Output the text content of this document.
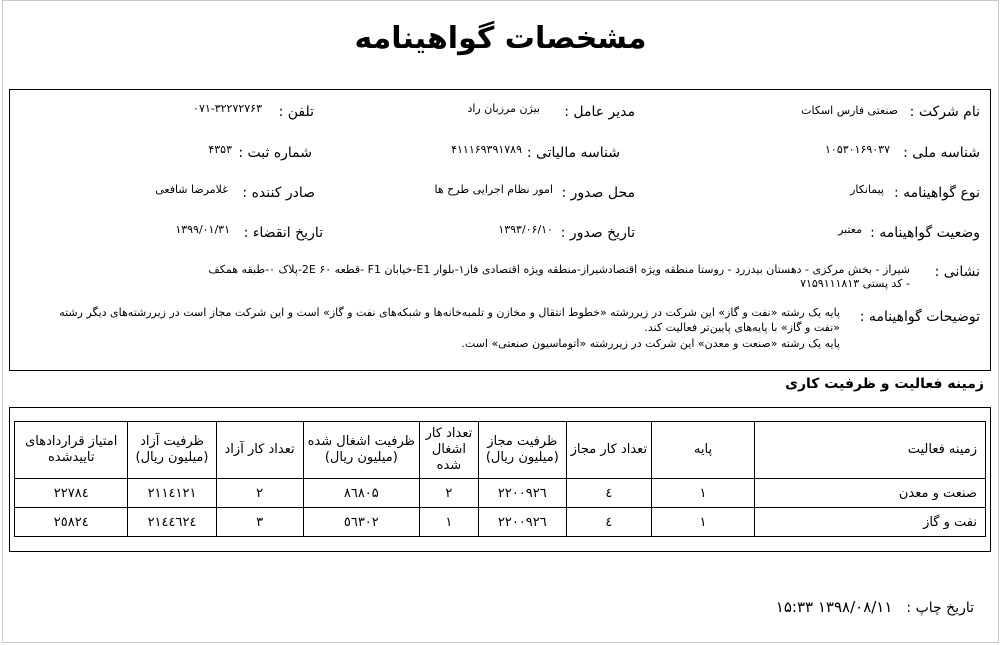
مشخصات گواهینامه
نام شرکت :
صنعتی فارس اسکات
مدیر عامل :
بیژن مرزبان راد
تلفن :
۰۷۱-۳۲۲۷۲۷۶۳
شناسه ملی :
۱۰۵۳۰۱۶۹۰۳۷
شناسه مالیاتی :
۴۱۱۱۶۹۳۹۱۷۸۹
شماره ثبت :
۴۳۵۳
نوع گواهینامه :
پیمانکار
محل صدور :
امور نظام اجرایی طرح ها
صادر کننده :
غلامرضا شافعی
وضعیت گواهینامه :
معتبر
تاریخ صدور :
۱۳۹۳/۰۶/۱۰
تاریخ انقضاء :
۱۳۹۹/۰۱/۳۱
نشانی :
شیراز - بخش مرکزی - دهستان بیدزرد - روستا منطقه ویژه اقتصادشیراز-منطقه ویژه اقتصادی فاز۱-بلوار E1-خیابان F1 -قطعه ۶۰ 2E-پلاک ۰-طبقه همکف
- کد پستی ۷۱۵۹۱۱۱۸۱۳
توضیحات گواهینامه :
پایه یک رشته «نفت و گاز» این شرکت در زیررشته «خطوط انتقال و مخازن و تلمبه‌خانه‌ها و شبکه‌های نفت و گاز» است و این شرکت مجاز است در زیررشته‌های دیگر رشته
«نفت و گاز» با پایه‌های پایین‌تر فعالیت کند.
پایه یک رشته «صنعت و معدن» این شرکت در زیررشته «اتوماسیون صنعتی» است.
زمینه فعالیت و ظرفیت کاری
زمینه فعالیت	پایه	تعداد کار مجاز	ظرفیت مجاز (میلیون ریال)	تعداد کار اشغال شده	ظرفیت اشغال شده (میلیون ریال)	تعداد کار آزاد	ظرفیت آزاد (میلیون ریال)	امتیاز قراردادهای تاییدشده
صنعت و معدن	۱	٤	۲۲۰۰۹۲٦	۲	۸٦۸۰۵	۲	۲۱۱٤۱۲۱	۲۲۷۸٤
نفت و گاز	۱	٤	۲۲۰۰۹۲٦	۱	٥٦۳۰۲	۳	۲۱٤٤٦۲٤	۲٥۸۲٤
تاریخ چاپ :۱۳۹۸/۰۸/۱۱ ۱۵:۳۳
